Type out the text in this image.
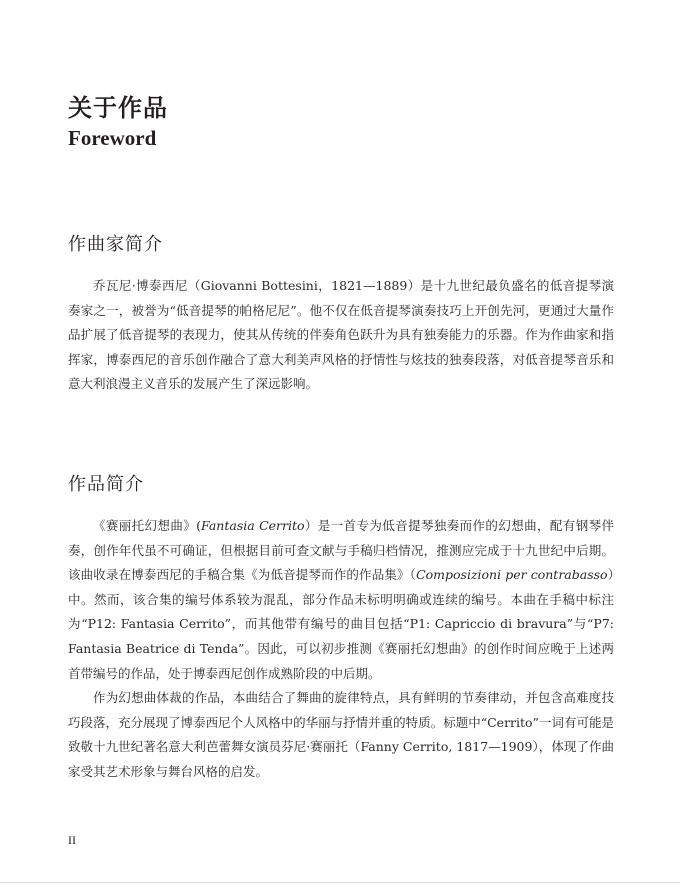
关于作品
Foreword
作曲家简介

乔瓦尼·博泰西尼（Giovanni Bottesini，1821—1889）是十九世纪最负盛名的低音提琴演奏家之一，被誉为“低音提琴的帕格尼尼”。他不仅在低音提琴演奏技巧上开创先河，更通过大量作品扩展了低音提琴的表现力，使其从传统的伴奏角色跃升为具有独奏能力的乐器。作为作曲家和指挥家，博泰西尼的音乐创作融合了意大利美声风格的抒情性与炫技的独奏段落，对低音提琴音乐和意大利浪漫主义音乐的发展产生了深远影响。

作品简介

《赛丽托幻想曲》(Fantasia Cerrito）是一首专为低音提琴独奏而作的幻想曲，配有钢琴伴奏，创作年代虽不可确证，但根据目前可查文献与手稿归档情况，推测应完成于十九世纪中后期。该曲收录在博泰西尼的手稿合集《为低音提琴而作的作品集》（Composizioni per contrabasso）中。然而，该合集的编号体系较为混乱，部分作品未标明明确或连续的编号。本曲在手稿中标注为“P12: Fantasia Cerrito”，而其他带有编号的曲目包括“P1: Capriccio di bravura”与“P7: Fantasia Beatrice di Tenda”。因此，可以初步推测《赛丽托幻想曲》的创作时间应晚于上述两首带编号的作品，处于博泰西尼创作成熟阶段的中后期。

作为幻想曲体裁的作品，本曲结合了舞曲的旋律特点，具有鲜明的节奏律动，并包含高难度技巧段落，充分展现了博泰西尼个人风格中的华丽与抒情并重的特质。标题中“Cerrito”一词有可能是致敬十九世纪著名意大利芭蕾舞女演员芬尼·赛丽托（Fanny Cerrito, 1817—1909），体现了作曲家受其艺术形象与舞台风格的启发。

II
